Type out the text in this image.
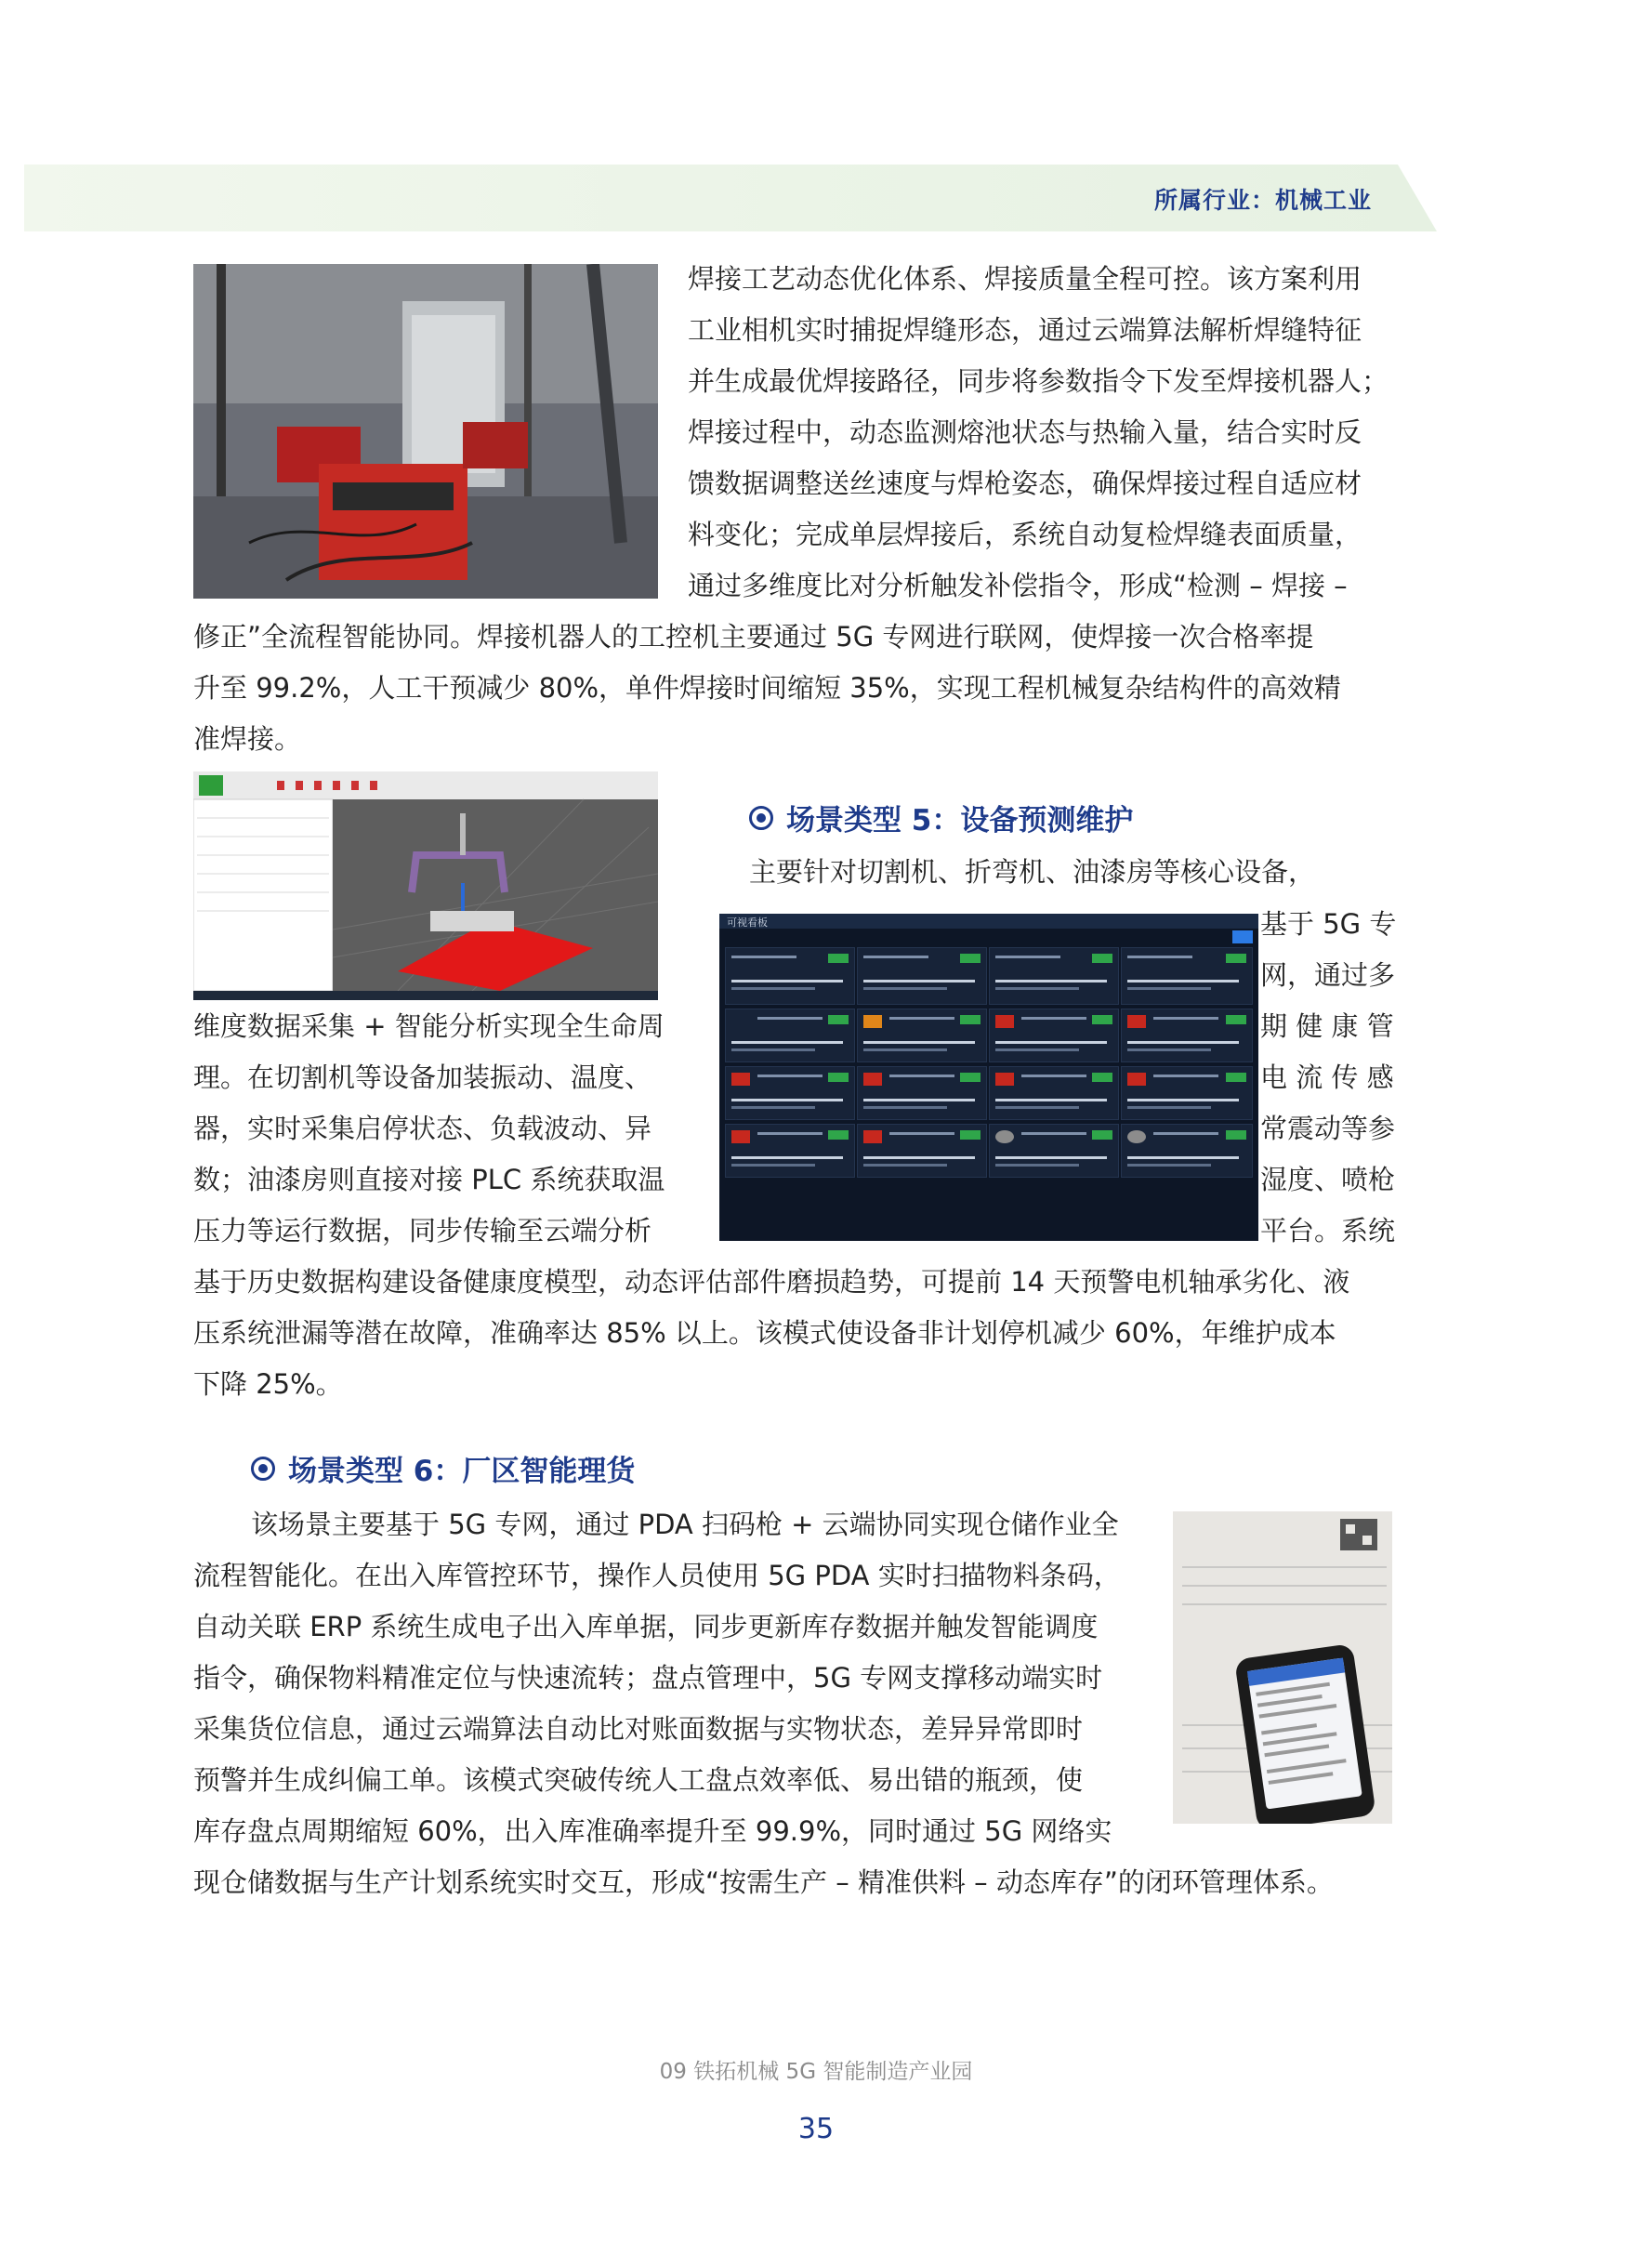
所属行业：机械工业
焊接工艺动态优化体系、焊接质量全程可控。该方案利用
工业相机实时捕捉焊缝形态，通过云端算法解析焊缝特征
并生成最优焊接路径，同步将参数指令下发至焊接机器人；
焊接过程中，动态监测熔池状态与热输入量，结合实时反
馈数据调整送丝速度与焊枪姿态，确保焊接过程自适应材
料变化；完成单层焊接后，系统自动复检焊缝表面质量，
通过多维度比对分析触发补偿指令，形成“检测 – 焊接 –
修正”全流程智能协同。焊接机器人的工控机主要通过 5G 专网进行联网，使焊接一次合格率提
升至 99.2%，人工干预减少 80%，单件焊接时间缩短 35%，实现工程机械复杂结构件的高效精
准焊接。
场景类型 5：设备预测维护
主要针对切割机、折弯机、油漆房等核心设备，
可视看板	基于 5G 专
网，通过多
维度数据采集 + 智能分析实现全生命周	期 健 康 管
理。在切割机等设备加装振动、温度、	电 流 传 感
器，实时采集启停状态、负载波动、异	常震动等参
数；油漆房则直接对接 PLC 系统获取温	湿度、喷枪
压力等运行数据，同步传输至云端分析	平台。系统
基于历史数据构建设备健康度模型，动态评估部件磨损趋势，可提前 14 天预警电机轴承劣化、液
压系统泄漏等潜在故障，准确率达 85% 以上。该模式使设备非计划停机减少 60%，年维护成本
下降 25%。
场景类型 6：厂区智能理货
该场景主要基于 5G 专网，通过 PDA 扫码枪 + 云端协同实现仓储作业全
流程智能化。在出入库管控环节，操作人员使用 5G PDA 实时扫描物料条码，
自动关联 ERP 系统生成电子出入库单据，同步更新库存数据并触发智能调度
指令，确保物料精准定位与快速流转；盘点管理中，5G 专网支撑移动端实时
采集货位信息，通过云端算法自动比对账面数据与实物状态，差异异常即时
预警并生成纠偏工单。该模式突破传统人工盘点效率低、易出错的瓶颈，使
库存盘点周期缩短 60%，出入库准确率提升至 99.9%，同时通过 5G 网络实
现仓储数据与生产计划系统实时交互，形成“按需生产 – 精准供料 – 动态库存”的闭环管理体系。
09 铁拓机械 5G 智能制造产业园
35
